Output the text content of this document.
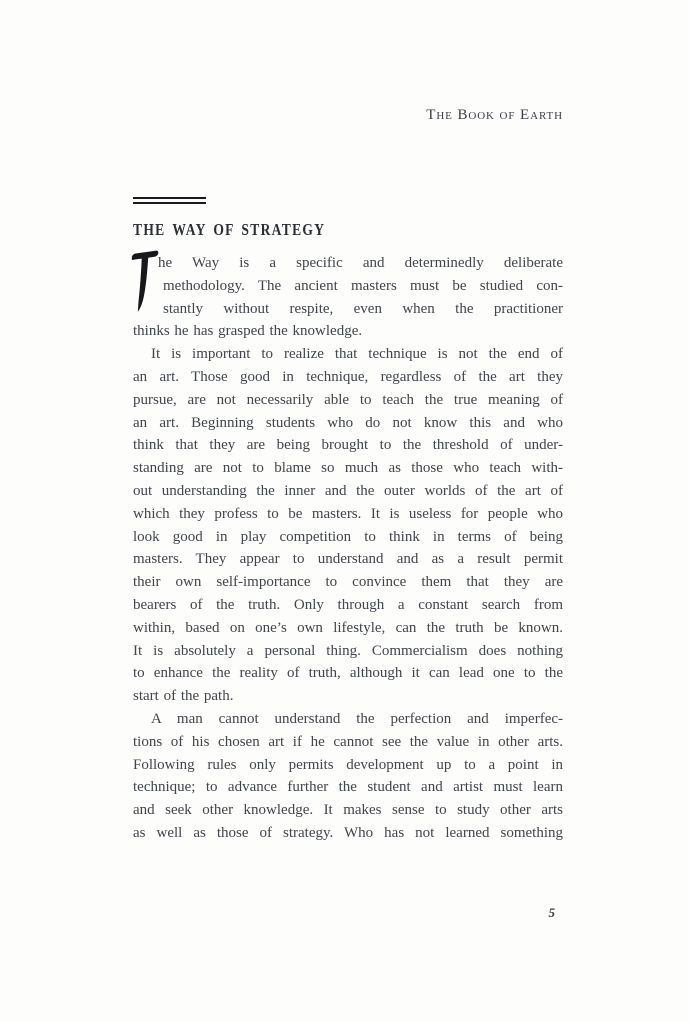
The Book of Earth
THE WAY OF STRATEGY
he Way is a specific and determinedly deliberate
methodology. The ancient masters must be studied con-
stantly without respite, even when the practitioner
thinks he has grasped the knowledge.
It is important to realize that technique is not the end of
an art. Those good in technique, regardless of the art they
pursue, are not necessarily able to teach the true meaning of
an art. Beginning students who do not know this and who
think that they are being brought to the threshold of under-
standing are not to blame so much as those who teach with-
out understanding the inner and the outer worlds of the art of
which they profess to be masters. It is useless for people who
look good in play competition to think in terms of being
masters. They appear to understand and as a result permit
their own self-importance to convince them that they are
bearers of the truth. Only through a constant search from
within, based on one’s own lifestyle, can the truth be known.
It is absolutely a personal thing. Commercialism does nothing
to enhance the reality of truth, although it can lead one to the
start of the path.
A man cannot understand the perfection and imperfec-
tions of his chosen art if he cannot see the value in other arts.
Following rules only permits development up to a point in
technique; to advance further the student and artist must learn
and seek other knowledge. It makes sense to study other arts
as well as those of strategy. Who has not learned something
5
